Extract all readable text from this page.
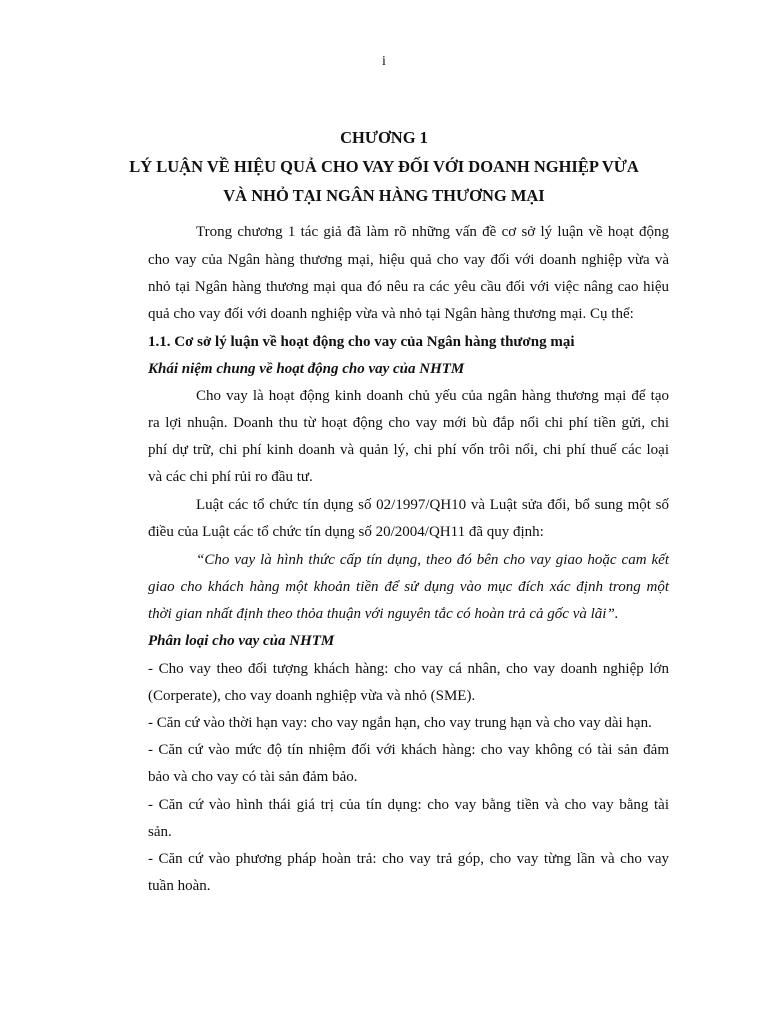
i
CHƯƠNG 1
LÝ LUẬN VỀ HIỆU QUẢ CHO VAY ĐỐI VỚI DOANH NGHIỆP VỪA
VÀ NHỎ TẠI NGÂN HÀNG THƯƠNG MẠI
Trong chương 1 tác giả đã làm rõ những vấn đề cơ sở lý luận về hoạt động
cho vay của Ngân hàng thương mại, hiệu quả cho vay đối với doanh nghiệp vừa và
nhỏ tại Ngân hàng thương mại qua đó nêu ra các yêu cầu đối với việc nâng cao hiệu
quả cho vay đối với doanh nghiệp vừa và nhỏ tại Ngân hàng thương mại. Cụ thể:
1.1. Cơ sở lý luận về hoạt động cho vay của Ngân hàng thương mại
Khái niệm chung về hoạt động cho vay của NHTM
Cho vay là hoạt động kinh doanh chủ yếu của ngân hàng thương mại để tạo
ra lợi nhuận. Doanh thu từ hoạt động cho vay mới bù đắp nổi chi phí tiền gửi, chi
phí dự trữ, chi phí kinh doanh và quản lý, chi phí vốn trôi nổi, chi phí thuế các loại
và các chi phí rủi ro đầu tư.
Luật các tổ chức tín dụng số 02/1997/QH10 và Luật sửa đổi, bổ sung một số
điều của Luật các tổ chức tín dụng số 20/2004/QH11 đã quy định:
“Cho vay là hình thức cấp tín dụng, theo đó bên cho vay giao hoặc cam kết
giao cho khách hàng một khoản tiền để sử dụng vào mục đích xác định trong một
thời gian nhất định theo thỏa thuận với nguyên tắc có hoàn trả cả gốc và lãi”.
Phân loại cho vay của NHTM
- Cho vay theo đối tượng khách hàng: cho vay cá nhân, cho vay doanh nghiệp lớn
(Corperate), cho vay doanh nghiệp vừa và nhỏ (SME).
- Căn cứ vào thời hạn vay: cho vay ngắn hạn, cho vay trung hạn và cho vay dài hạn.
- Căn cứ vào mức độ tín nhiệm đối với khách hàng: cho vay không có tài sản đảm
bảo và cho vay có tài sản đảm bảo.
- Căn cứ vào hình thái giá trị của tín dụng: cho vay bằng tiền và cho vay bằng tài
sản.
- Căn cứ vào phương pháp hoàn trả: cho vay trả góp, cho vay từng lần và cho vay
tuần hoàn.
